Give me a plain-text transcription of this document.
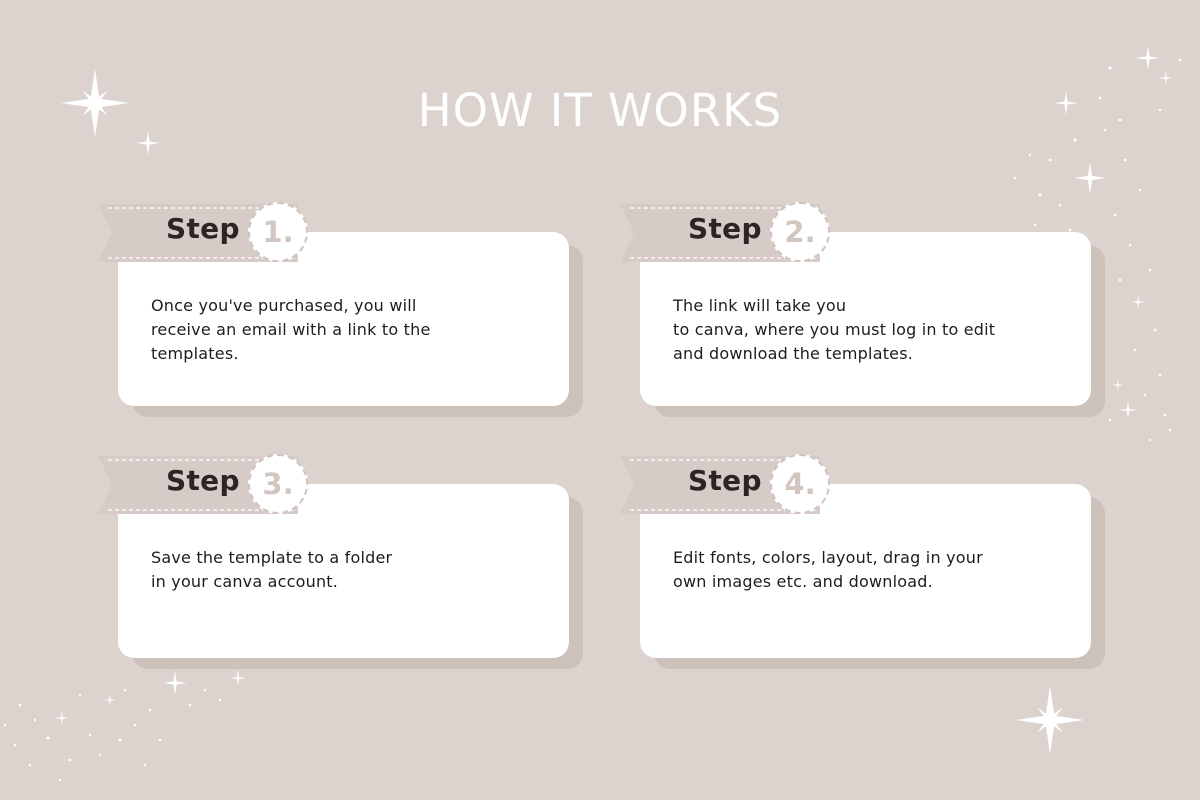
HOW IT WORKS
Once you've purchased, you will
receive an email with a link to the
templates.
Step 1.
The link will take you
to canva, where you must log in to edit
and download the templates.
Step 2.
Save the template to a folder
in your canva account.
Step 3.
Edit fonts, colors, layout, drag in your
own images etc. and download.
Step 4.
